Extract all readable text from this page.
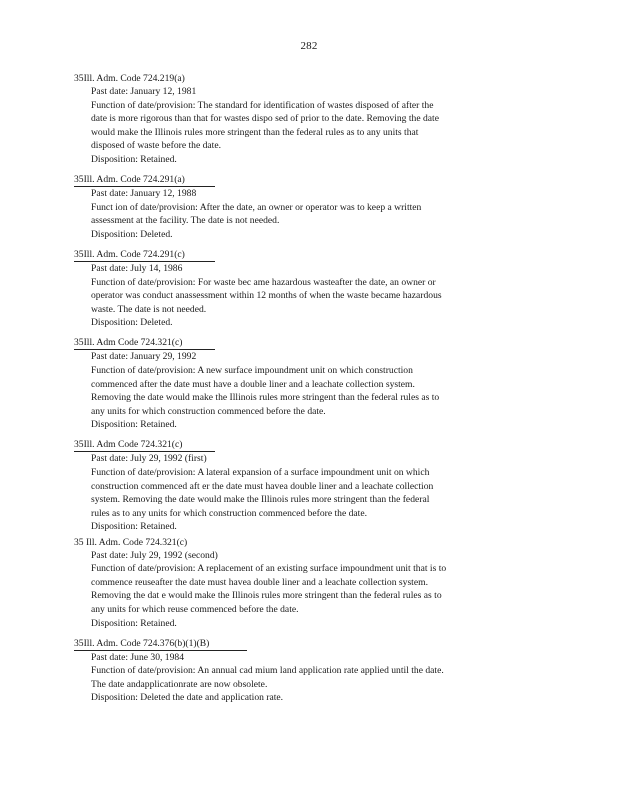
282
35Ill. Adm. Code 724.219(a)
Past date: January 12, 1981
Function of date/provision: The standard for identification of wastes disposed of after the
date is more rigorous than that for wastes dispo sed of prior to the date. Removing the date
would make the Illinois rules more stringent than the federal rules as to any units that
disposed of waste before the date.
Disposition: Retained.
35Ill. Adm. Code 724.291(a)
Past date: January 12, 1988
Funct ion of date/provision: After the date, an owner or operator was to keep a written
assessment at the facility. The date is not needed.
Disposition: Deleted.
35Ill. Adm. Code 724.291(c)
Past date: July 14, 1986
Function of date/provision: For waste bec ame hazardous wasteafter the date, an owner or
operator was conduct anassessment within 12 months of when the waste became hazardous
waste. The date is not needed.
Disposition: Deleted.
35Ill. Adm Code 724.321(c)
Past date: January 29, 1992
Function of date/provision: A new surface impoundment unit on which construction
commenced after the date must have a double liner and a leachate collection system.
Removing the date would make the Illinois rules more stringent than the federal rules as to
any units for which construction commenced before the date.
Disposition: Retained.
35Ill. Adm Code 724.321(c)
Past date: July 29, 1992 (first)
Function of date/provision: A lateral expansion of a surface impoundment unit on which
construction commenced aft er the date must havea double liner and a leachate collection
system. Removing the date would make the Illinois rules more stringent than the federal
rules as to any units for which construction commenced before the date.
Disposition: Retained.
35 Ill. Adm. Code 724.321(c)
Past date: July 29, 1992 (second)
Function of date/provision: A replacement of an existing surface impoundment unit that is to
commence reuseafter the date must havea double liner and a leachate collection system.
Removing the dat e would make the Illinois rules more stringent than the federal rules as to
any units for which reuse commenced before the date.
Disposition: Retained.
35Ill. Adm. Code 724.376(b)(1)(B)
Past date: June 30, 1984
Function of date/provision: An annual cad mium land application rate applied until the date.
The date andapplicationrate are now obsolete.
Disposition: Deleted the date and application rate.
